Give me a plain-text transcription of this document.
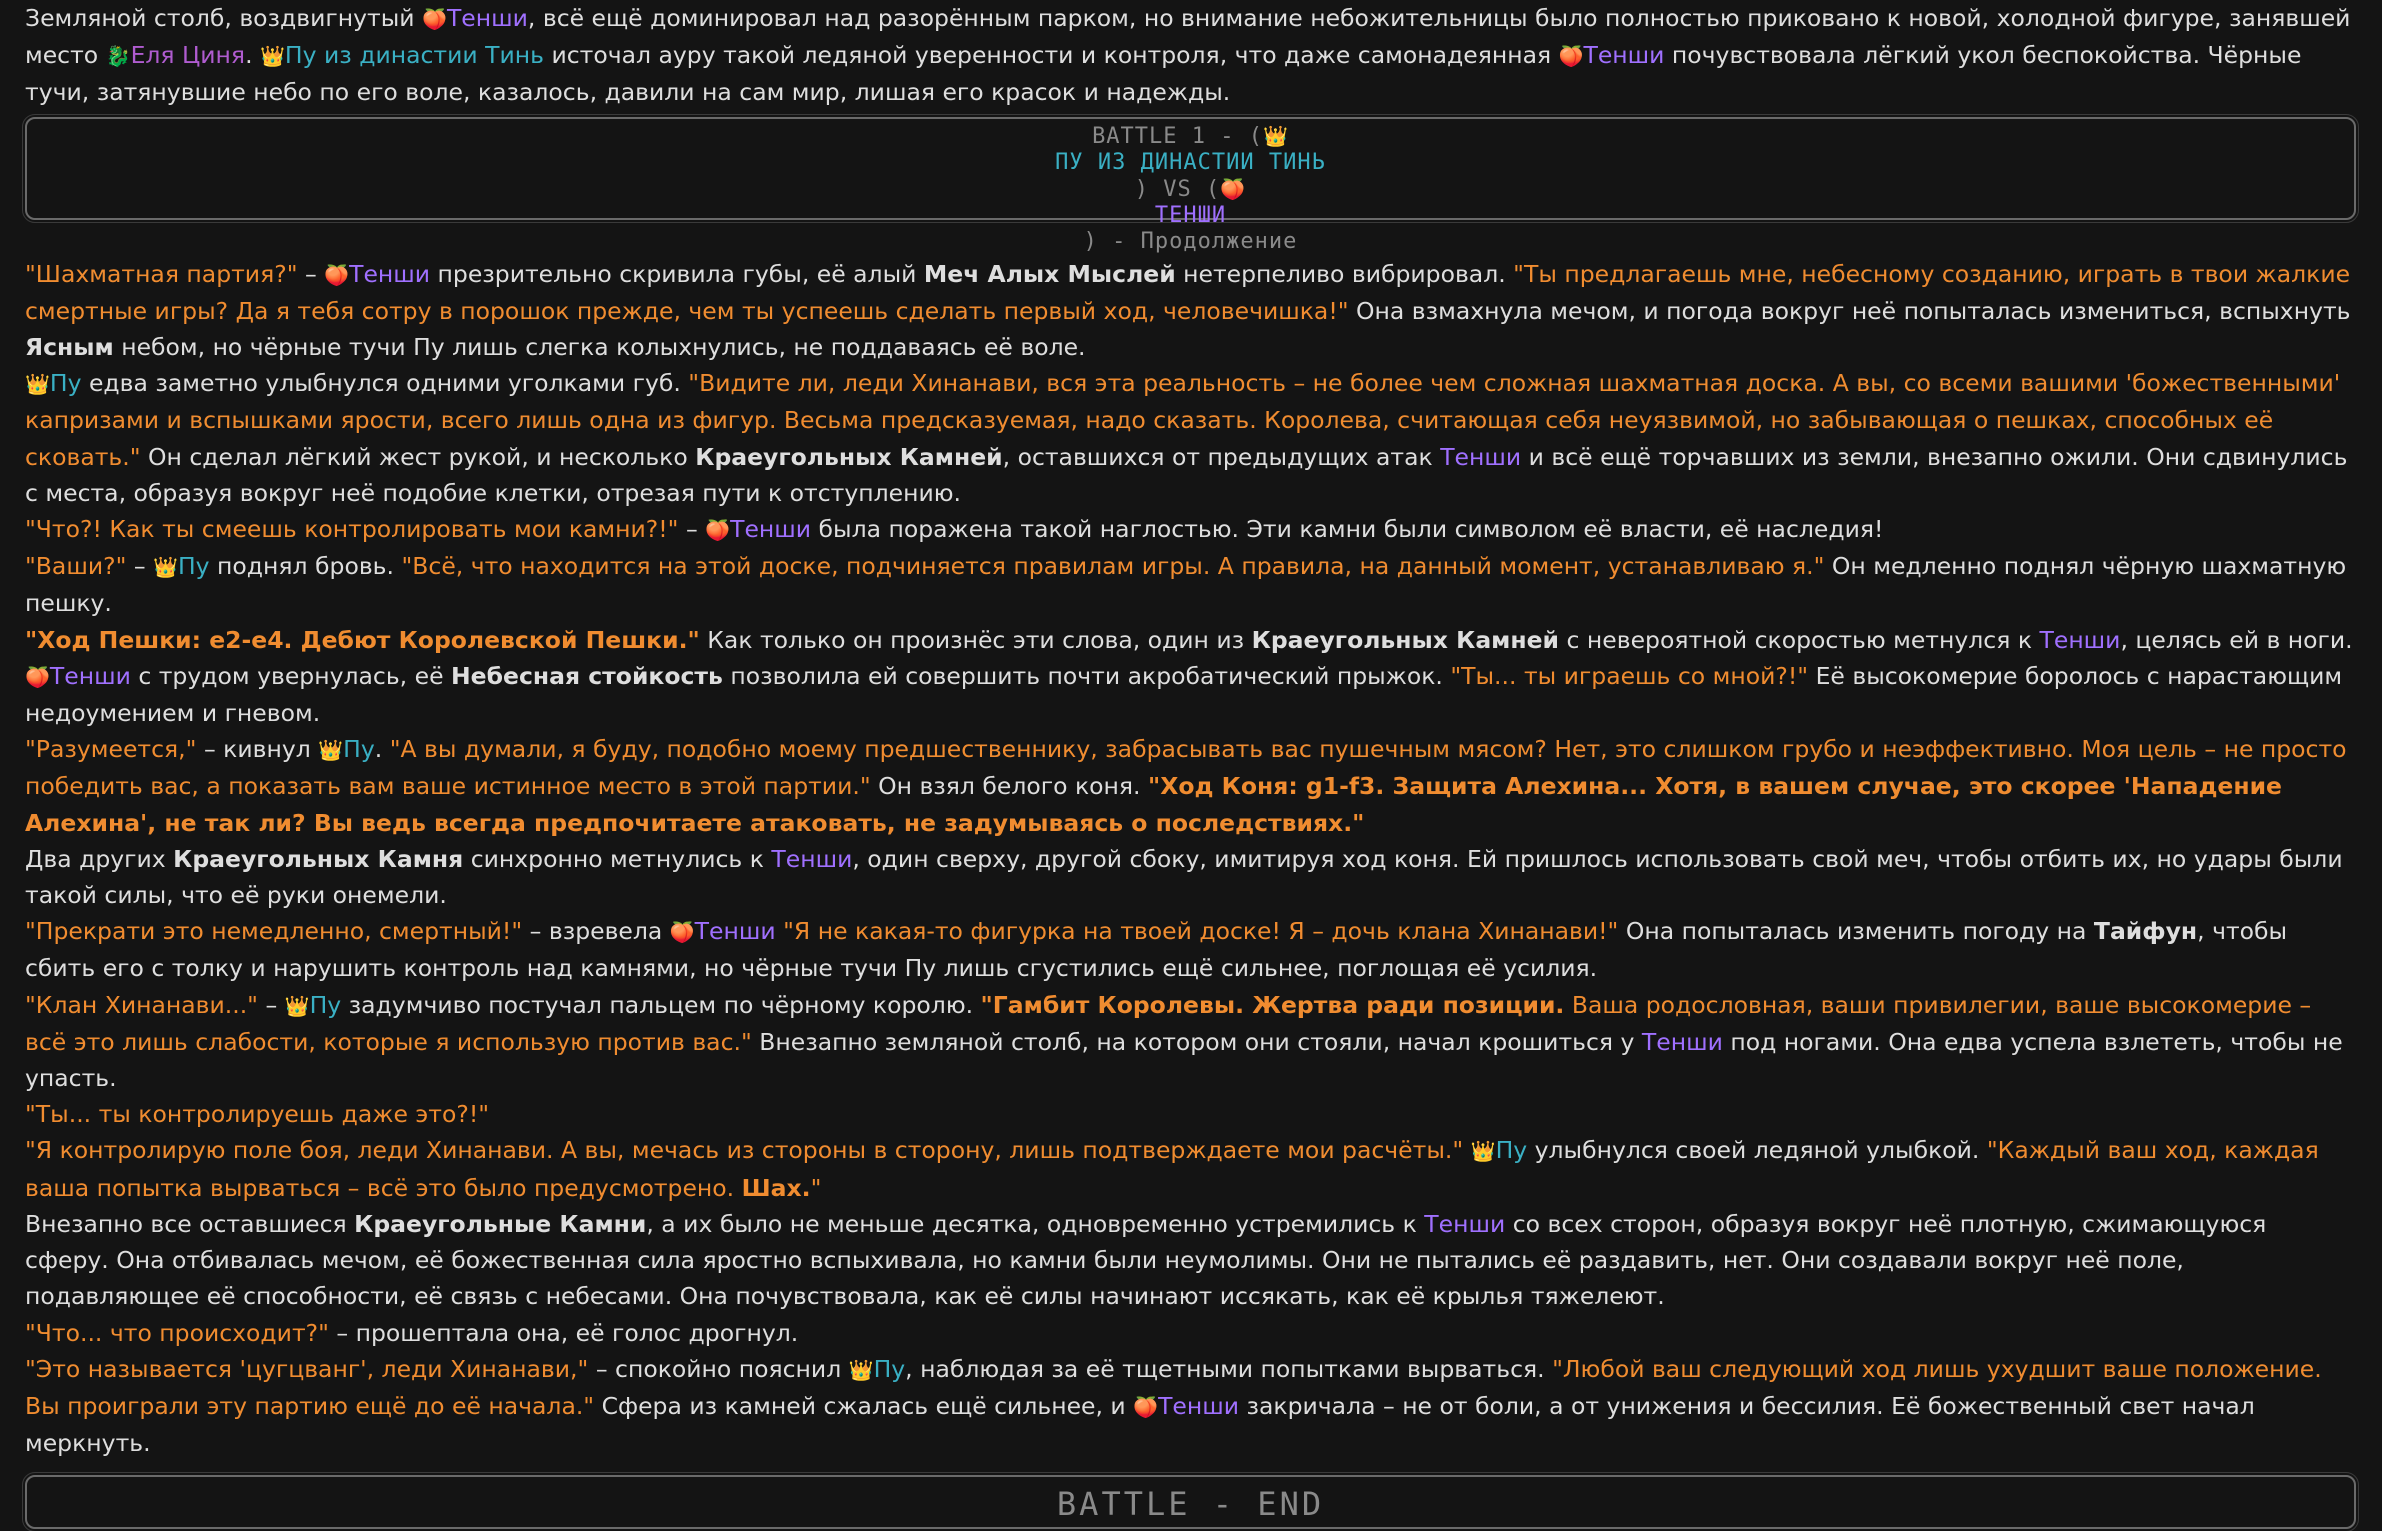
Земляной столб, воздвигнутый 🍑Тенши, всё ещё доминировал над разорённым парком, но внимание небожительницы было полностью приковано к новой, холодной фигуре, занявшей место 🐉Еля Циня. 👑Пу из династии Тинь источал ауру такой ледяной уверенности и контроля, что даже самонадеянная 🍑Тенши почувствовала лёгкий укол беспокойства. Чёрные тучи, затянувшие небо по его воле, казалось, давили на сам мир, лишая его красок и надежды.

BATTLE 1 - (👑
ПУ ИЗ ДИНАСТИИ ТИНЬ
) VS (🍑
ТЕНШИ
) - Продолжение

"Шахматная партия?" – 🍑Тенши презрительно скривила губы, её алый Меч Алых Мыслей нетерпеливо вибрировал. "Ты предлагаешь мне, небесному созданию, играть в твои жалкие смертные игры? Да я тебя сотру в порошок прежде, чем ты успеешь сделать первый ход, человечишка!" Она взмахнула мечом, и погода вокруг неё попыталась измениться, вспыхнуть Ясным небом, но чёрные тучи Пу лишь слегка колыхнулись, не поддаваясь её воле.

👑Пу едва заметно улыбнулся одними уголками губ. "Видите ли, леди Хинанави, вся эта реальность – не более чем сложная шахматная доска. А вы, со всеми вашими 'божественными' капризами и вспышками ярости, всего лишь одна из фигур. Весьма предсказуемая, надо сказать. Королева, считающая себя неуязвимой, но забывающая о пешках, способных её сковать." Он сделал лёгкий жест рукой, и несколько Краеугольных Камней, оставшихся от предыдущих атак Тенши и всё ещё торчавших из земли, внезапно ожили. Они сдвинулись с места, образуя вокруг неё подобие клетки, отрезая пути к отступлению.

"Что?! Как ты смеешь контролировать мои камни?!" – 🍑Тенши была поражена такой наглостью. Эти камни были символом её власти, её наследия!

"Ваши?" – 👑Пу поднял бровь. "Всё, что находится на этой доске, подчиняется правилам игры. А правила, на данный момент, устанавливаю я." Он медленно поднял чёрную шахматную пешку.

"Ход Пешки: e2-e4. Дебют Королевской Пешки." Как только он произнёс эти слова, один из Краеугольных Камней с невероятной скоростью метнулся к Тенши, целясь ей в ноги.

🍑Тенши с трудом увернулась, её Небесная стойкость позволила ей совершить почти акробатический прыжок. "Ты... ты играешь со мной?!" Её высокомерие боролось с нарастающим недоумением и гневом.

"Разумеется," – кивнул 👑Пу. "А вы думали, я буду, подобно моему предшественнику, забрасывать вас пушечным мясом? Нет, это слишком грубо и неэффективно. Моя цель – не просто победить вас, а показать вам ваше истинное место в этой партии." Он взял белого коня. "Ход Коня: g1-f3. Защита Алехина... Хотя, в вашем случае, это скорее 'Нападение Алехина', не так ли? Вы ведь всегда предпочитаете атаковать, не задумываясь о последствиях."

Два других Краеугольных Камня синхронно метнулись к Тенши, один сверху, другой сбоку, имитируя ход коня. Ей пришлось использовать свой меч, чтобы отбить их, но удары были такой силы, что её руки онемели.

"Прекрати это немедленно, смертный!" – взревела 🍑Тенши "Я не какая-то фигурка на твоей доске! Я – дочь клана Хинанави!" Она попыталась изменить погоду на Тайфун, чтобы сбить его с толку и нарушить контроль над камнями, но чёрные тучи Пу лишь сгустились ещё сильнее, поглощая её усилия.

"Клан Хинанави..." – 👑Пу задумчиво постучал пальцем по чёрному королю. "Гамбит Королевы. Жертва ради позиции. Ваша родословная, ваши привилегии, ваше высокомерие – всё это лишь слабости, которые я использую против вас." Внезапно земляной столб, на котором они стояли, начал крошиться у Тенши под ногами. Она едва успела взлететь, чтобы не упасть.

"Ты... ты контролируешь даже это?!"

"Я контролирую поле боя, леди Хинанави. А вы, мечась из стороны в сторону, лишь подтверждаете мои расчёты." 👑Пу улыбнулся своей ледяной улыбкой. "Каждый ваш ход, каждая ваша попытка вырваться – всё это было предусмотрено. Шах."

Внезапно все оставшиеся Краеугольные Камни, а их было не меньше десятка, одновременно устремились к Тенши со всех сторон, образуя вокруг неё плотную, сжимающуюся сферу. Она отбивалась мечом, её божественная сила яростно вспыхивала, но камни были неумолимы. Они не пытались её раздавить, нет. Они создавали вокруг неё поле, подавляющее её способности, её связь с небесами. Она почувствовала, как её силы начинают иссякать, как её крылья тяжелеют.

"Что... что происходит?" – прошептала она, её голос дрогнул.

"Это называется 'цугцванг', леди Хинанави," – спокойно пояснил 👑Пу, наблюдая за её тщетными попытками вырваться. "Любой ваш следующий ход лишь ухудшит ваше положение. Вы проиграли эту партию ещё до её начала." Сфера из камней сжалась ещё сильнее, и 🍑Тенши закричала – не от боли, а от унижения и бессилия. Её божественный свет начал меркнуть.

BATTLE - END
